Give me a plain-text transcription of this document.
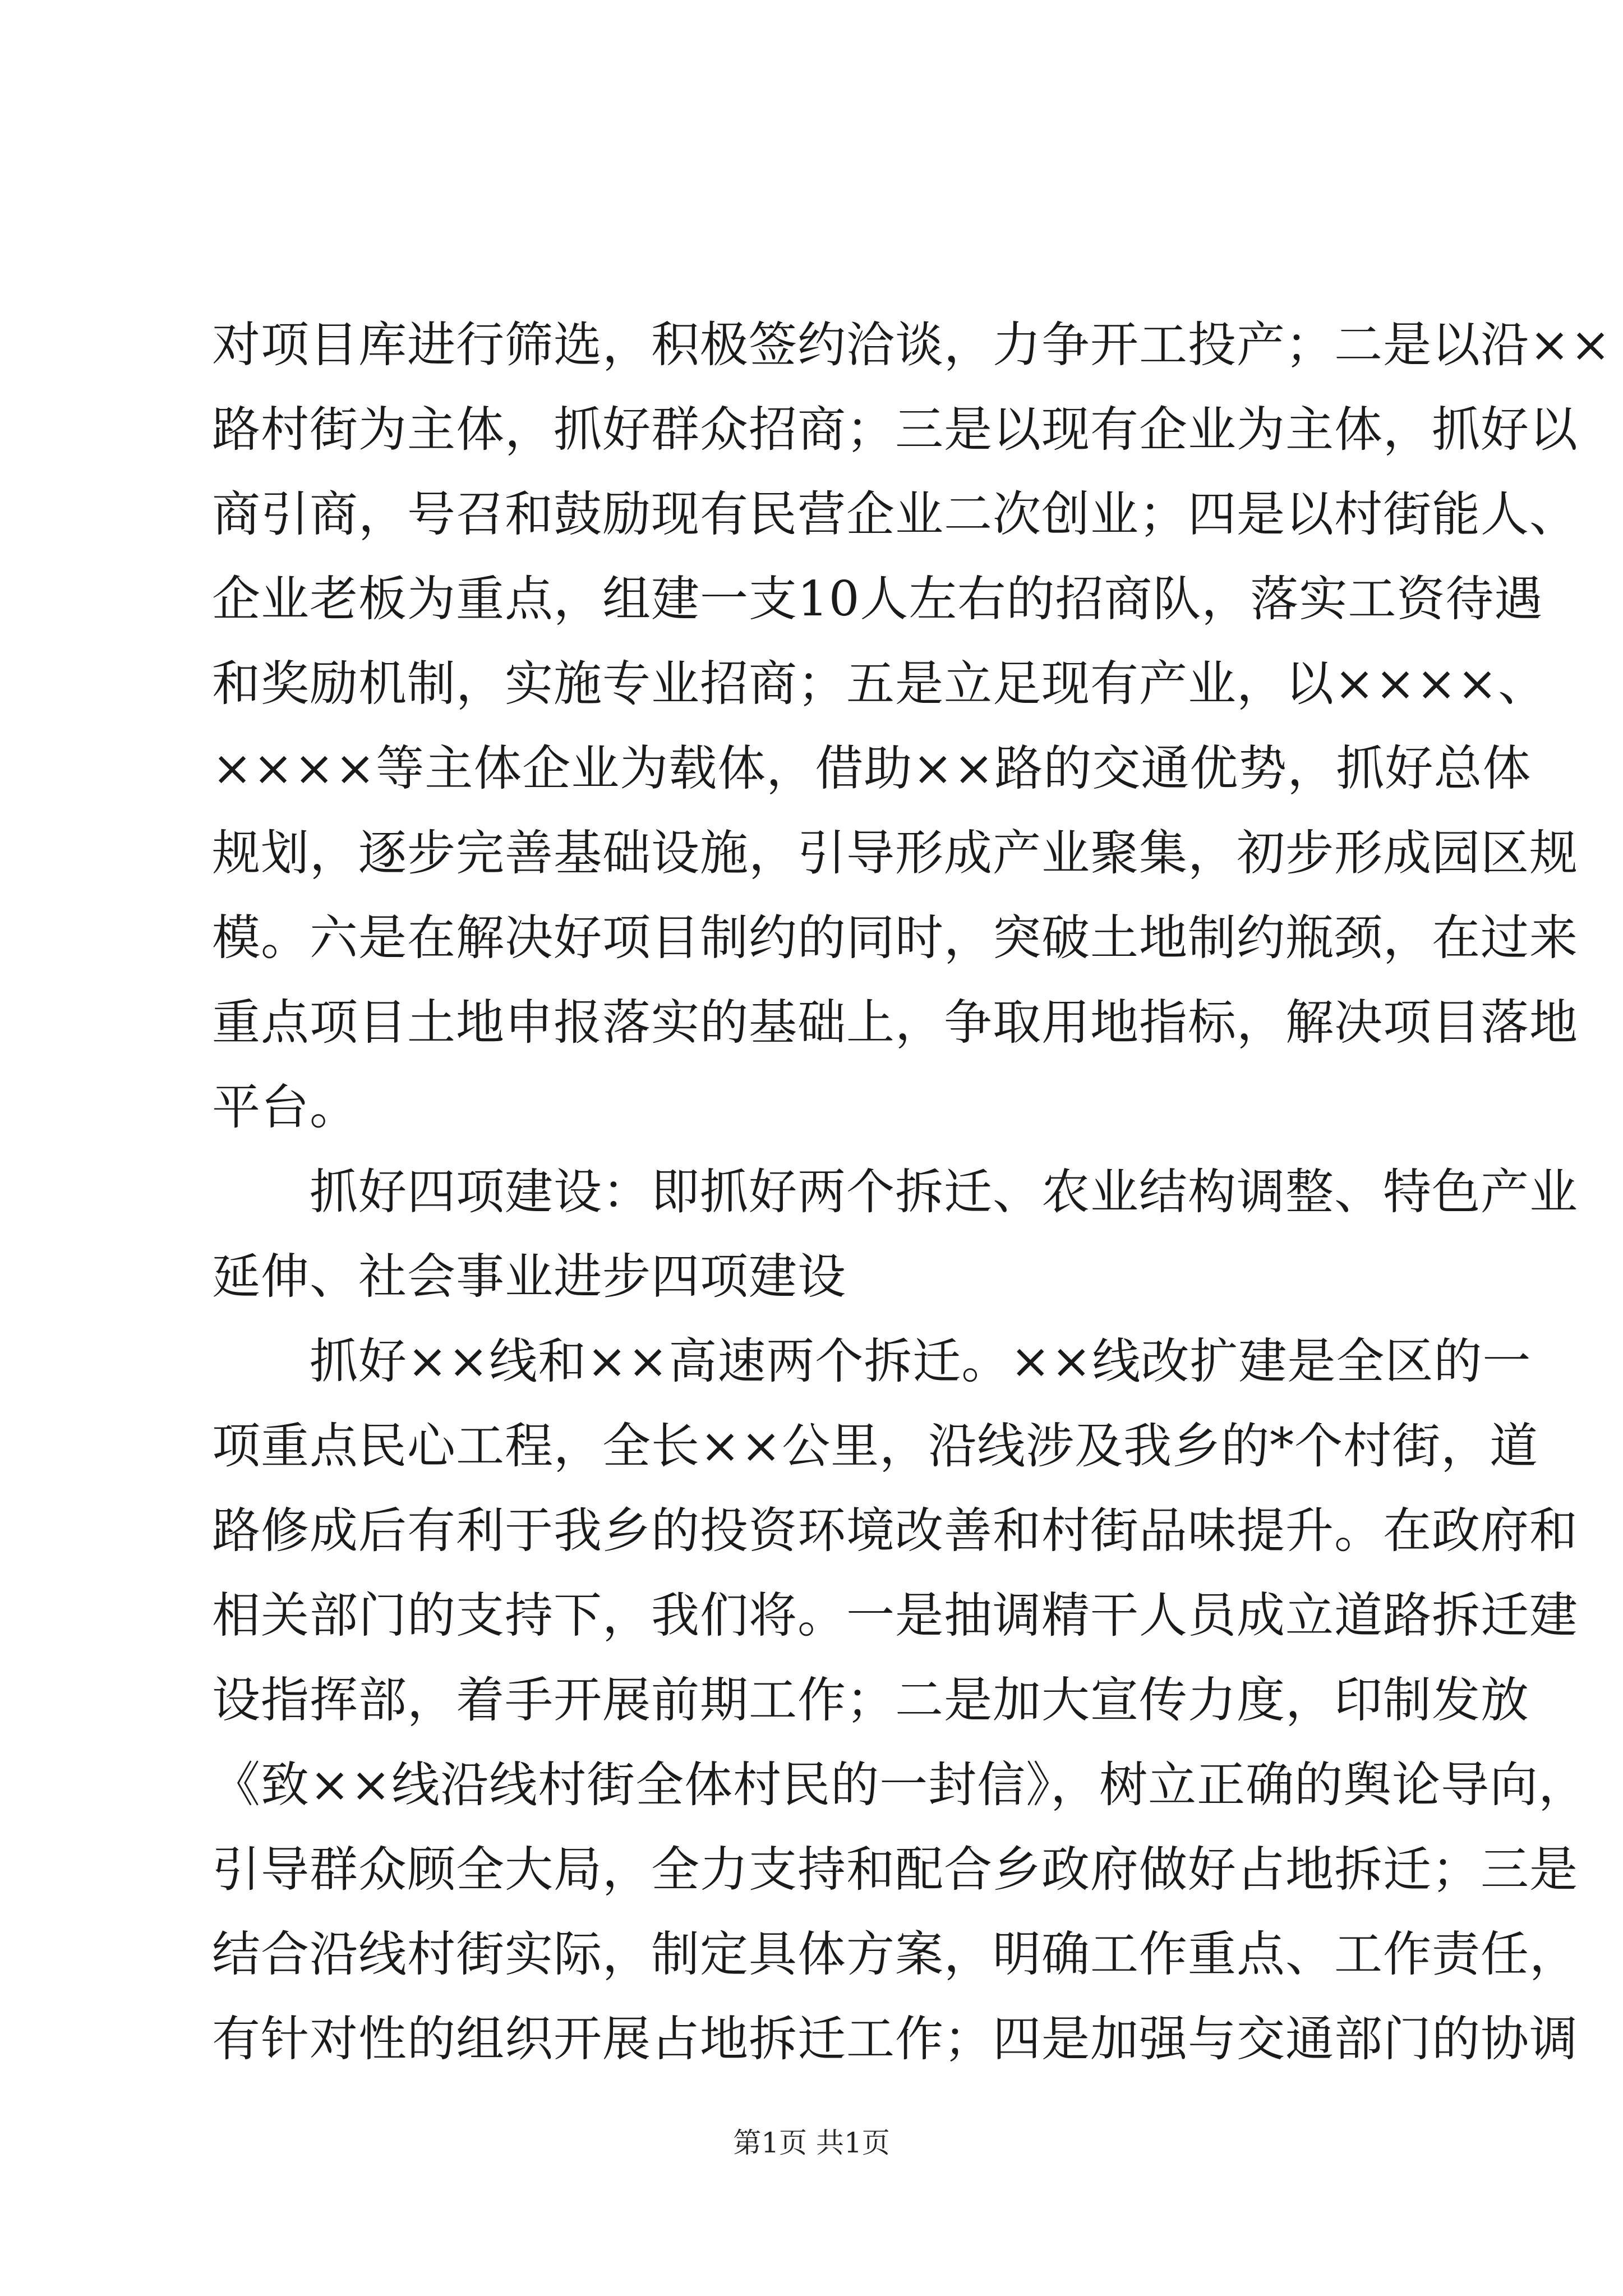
对项目库进行筛选，积极签约洽谈，力争开工投产；二是以沿××
路村街为主体，抓好群众招商；三是以现有企业为主体，抓好以
商引商，号召和鼓励现有民营企业二次创业；四是以村街能人、
企业老板为重点，组建一支10人左右的招商队，落实工资待遇
和奖励机制，实施专业招商；五是立足现有产业，以××××、
××××等主体企业为载体，借助××路的交通优势，抓好总体
规划，逐步完善基础设施，引导形成产业聚集，初步形成园区规
模。六是在解决好项目制约的同时，突破土地制约瓶颈，在过来
重点项目土地申报落实的基础上，争取用地指标，解决项目落地
平台。
　　抓好四项建设：即抓好两个拆迁、农业结构调整、特色产业
延伸、社会事业进步四项建设
　　抓好××线和××高速两个拆迁。××线改扩建是全区的一
项重点民心工程，全长××公里，沿线涉及我乡的*个村街，道
路修成后有利于我乡的投资环境改善和村街品味提升。在政府和
相关部门的支持下，我们将。一是抽调精干人员成立道路拆迁建
设指挥部，着手开展前期工作；二是加大宣传力度，印制发放
《致××线沿线村街全体村民的一封信》，树立正确的舆论导向，
引导群众顾全大局，全力支持和配合乡政府做好占地拆迁；三是
结合沿线村街实际，制定具体方案，明确工作重点、工作责任，
有针对性的组织开展占地拆迁工作；四是加强与交通部门的协调
第1页 共1页
